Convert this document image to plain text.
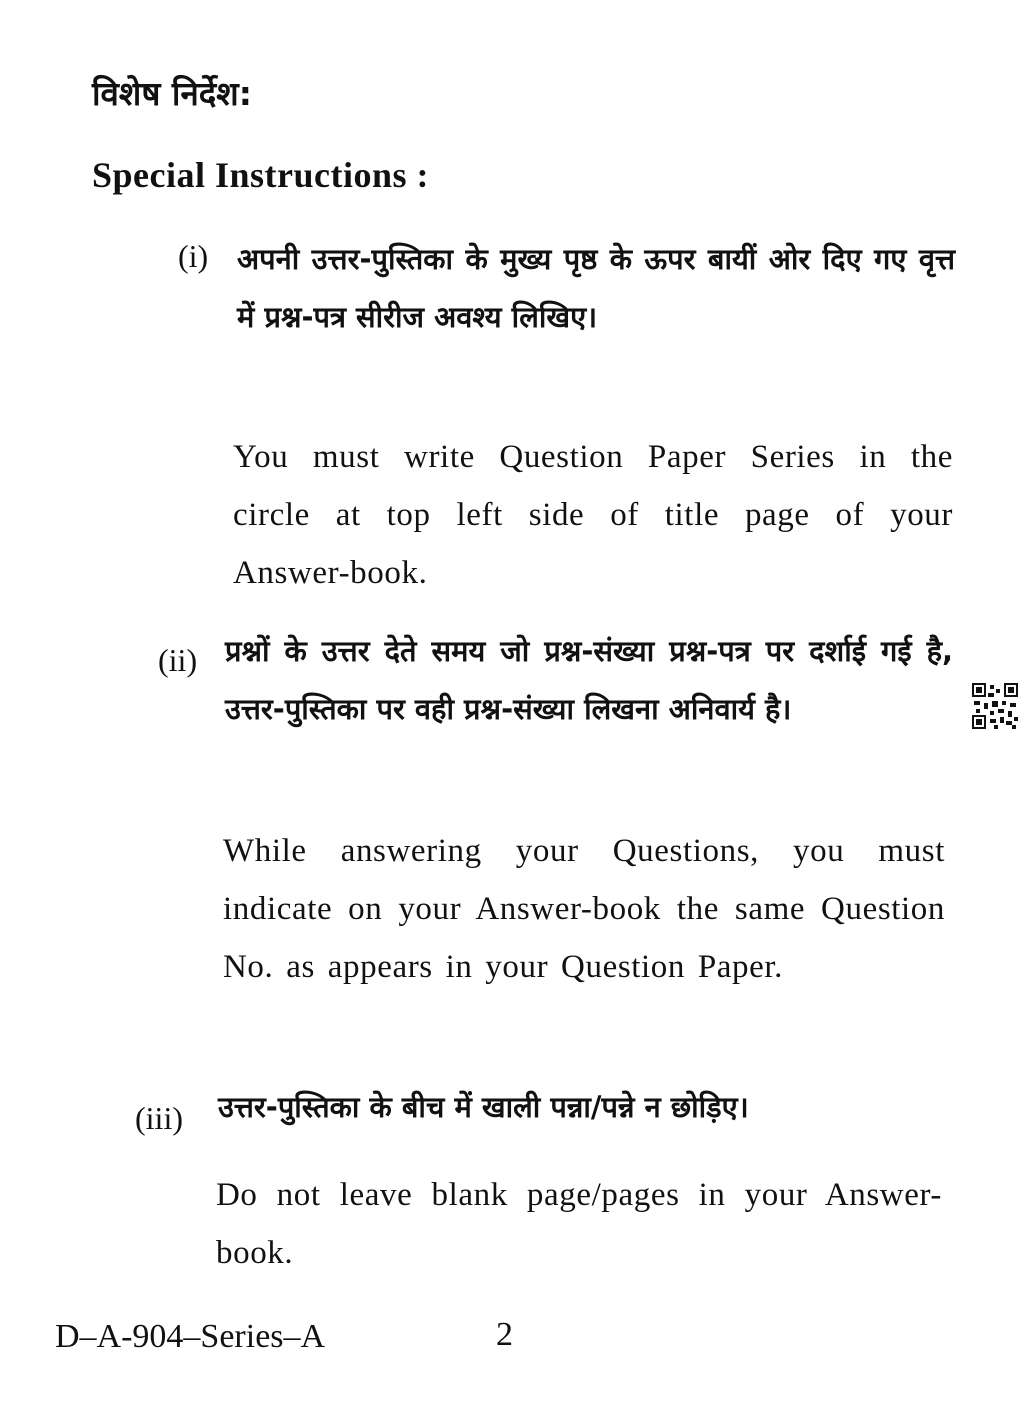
विशेष निर्देश:
Special Instructions :
(i) अपनी उत्तर-पुस्तिका के मुख्य पृष्ठ के ऊपर बायीं ओर दिए गए वृत्त में प्रश्न-पत्र सीरीज अवश्य लिखिए।

You must write Question Paper Series in the circle at top left side of title page of your Answer-book.

(ii) प्रश्नों के उत्तर देते समय जो प्रश्न-संख्या प्रश्न-पत्र पर दर्शाई गई है, उत्तर-पुस्तिका पर वही प्रश्न-संख्या लिखना अनिवार्य है।

While answering your Questions, you must indicate on your Answer-book the same Question No. as appears in your Question Paper.

(iii) उत्तर-पुस्तिका के बीच में खाली पन्ना/पन्ने न छोड़िए।

Do not leave blank page/pages in your Answer-book.

D–A-904–Series–A	2
